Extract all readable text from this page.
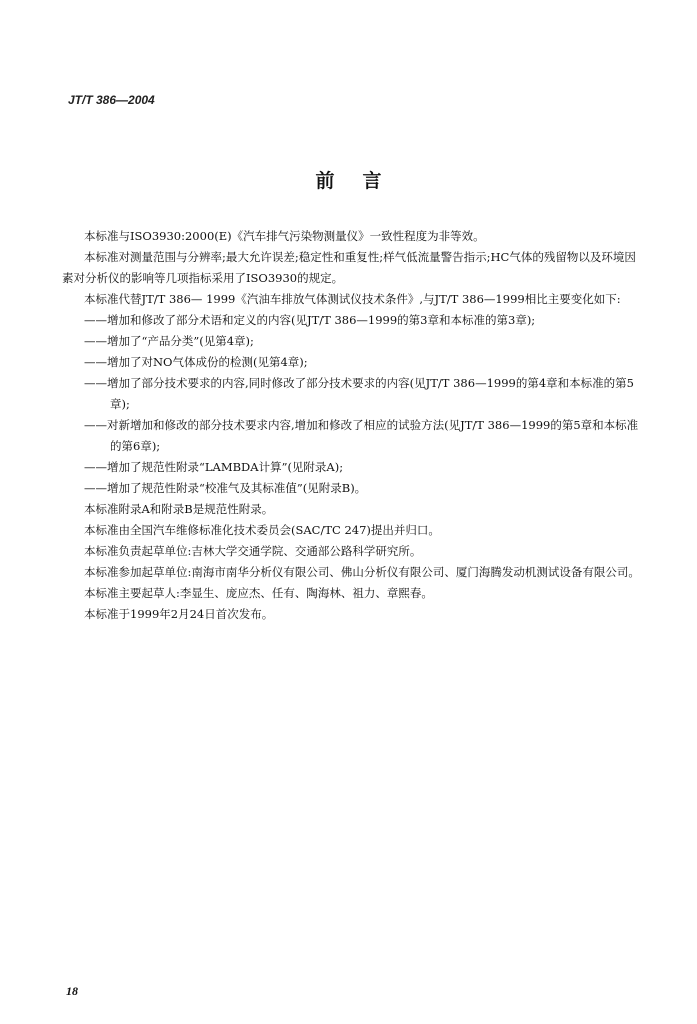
JT/T 386—2004
前言

本标准与ISO3930:2000(E)《汽车排气污染物测量仪》一致性程度为非等效。

本标准对测量范围与分辨率;最大允许误差;稳定性和重复性;样气低流量警告指示;HC气体的残留物以及环境因素对分析仪的影响等几项指标采用了ISO3930的规定。

本标准代替JT/T 386— 1999《汽油车排放气体测试仪技术条件》,与JT/T 386—1999相比主要变化如下:

——增加和修改了部分术语和定义的内容(见JT/T 386—1999的第3章和本标准的第3章);

——增加了“产品分类”(见第4章);

——增加了对NO气体成份的检测(见第4章);

——增加了部分技术要求的内容,同时修改了部分技术要求的内容(见JT/T 386—1999的第4章和本标准的第5章);

——对新增加和修改的部分技术要求内容,增加和修改了相应的试验方法(见JT/T 386—1999的第5章和本标准的第6章);

——增加了规范性附录“LAMBDA计算”(见附录A);

——增加了规范性附录“校准气及其标准值”(见附录B)。

本标准附录A和附录B是规范性附录。

本标准由全国汽车维修标准化技术委员会(SAC/TC 247)提出并归口。

本标准负责起草单位:吉林大学交通学院、交通部公路科学研究所。

本标准参加起草单位:南海市南华分析仪有限公司、佛山分析仪有限公司、厦门海腾发动机测试设备有限公司。

本标准主要起草人:李显生、庞应杰、任有、陶海林、祖力、章熙春。

本标准于1999年2月24日首次发布。

18
